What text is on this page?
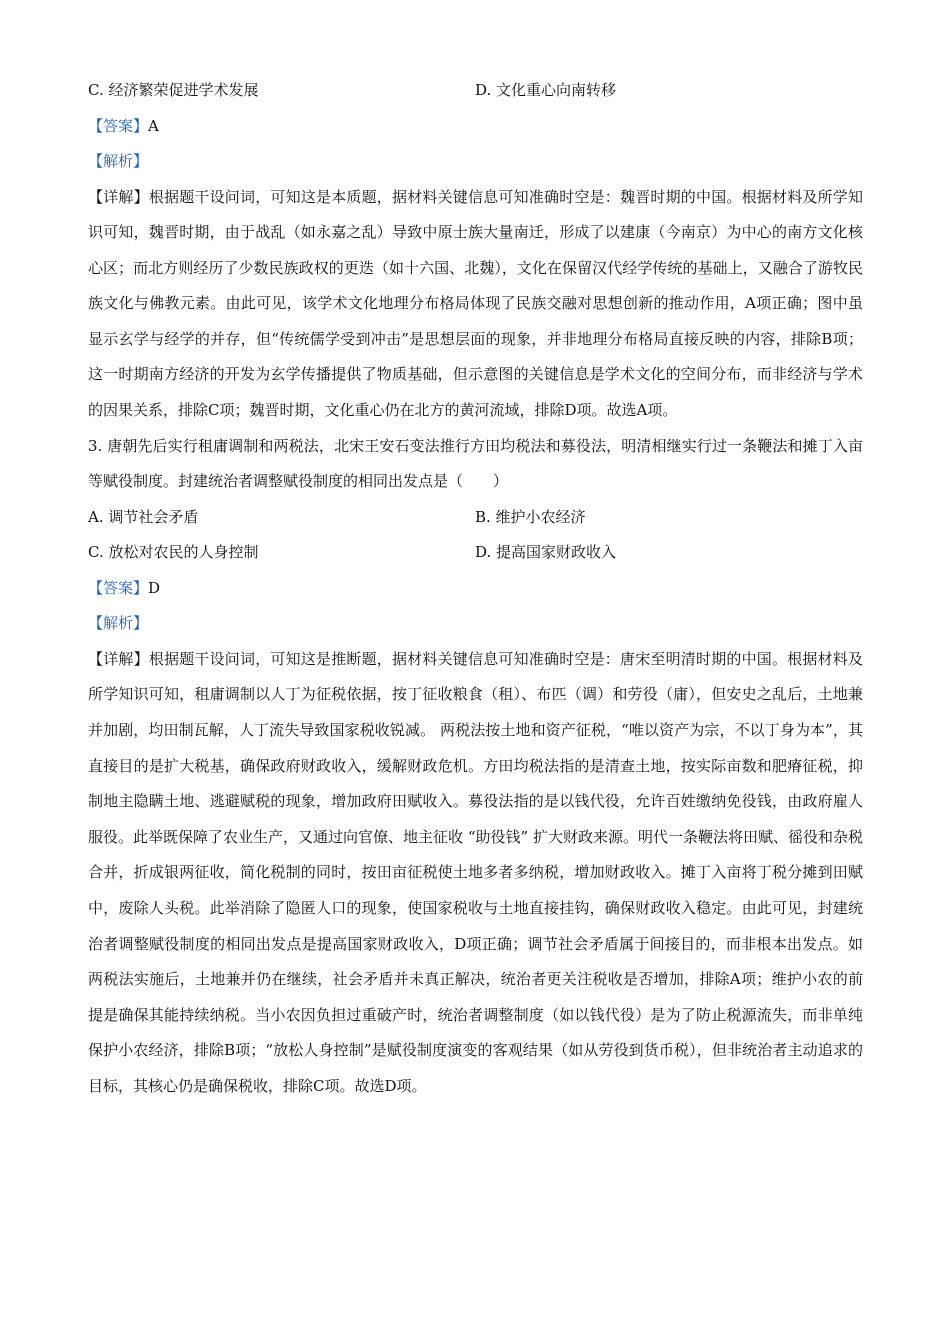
C. 经济繁荣促进学术发展	D. 文化重心向南转移
【答案】A
【解析】
【详解】根据题干设问词，可知这是本质题，据材料关键信息可知准确时空是：魏晋时期的中国。根据材料及所学知识可知，魏晋时期，由于战乱（如永嘉之乱）导致中原士族大量南迁，形成了以建康（今南京）为中心的南方文化核心区；而北方则经历了少数民族政权的更迭（如十六国、北魏），文化在保留汉代经学传统的基础上，又融合了游牧民族文化与佛教元素。由此可见，该学术文化地理分布格局体现了民族交融对思想创新的推动作用，A项正确；图中虽显示玄学与经学的并存，但“传统儒学受到冲击”是思想层面的现象，并非地理分布格局直接反映的内容，排除B项；这一时期南方经济的开发为玄学传播提供了物质基础，但示意图的关键信息是学术文化的空间分布，而非经济与学术的因果关系，排除C项；魏晋时期，文化重心仍在北方的黄河流域，排除D项。故选A项。
3. 唐朝先后实行租庸调制和两税法，北宋王安石变法推行方田均税法和募役法，明清相继实行过一条鞭法和摊丁入亩等赋役制度。封建统治者调整赋役制度的相同出发点是（　　）
A. 调节社会矛盾	B. 维护小农经济
C. 放松对农民的人身控制	D. 提高国家财政收入
【答案】D
【解析】
【详解】根据题干设问词，可知这是推断题，据材料关键信息可知准确时空是：唐宋至明清时期的中国。根据材料及所学知识可知，租庸调制以人丁为征税依据，按丁征收粮食（租）、布匹（调）和劳役（庸），但安史之乱后，土地兼并加剧，均田制瓦解，人丁流失导致国家税收锐减。 两税法按土地和资产征税，“唯以资产为宗，不以丁身为本”，其直接目的是扩大税基，确保政府财政收入，缓解财政危机。方田均税法指的是清查土地，按实际亩数和肥瘠征税，抑制地主隐瞒土地、逃避赋税的现象，增加政府田赋收入。募役法指的是以钱代役，允许百姓缴纳免役钱，由政府雇人服役。此举既保障了农业生产，又通过向官僚、地主征收 “助役钱” 扩大财政来源。明代一条鞭法将田赋、徭役和杂税合并，折成银两征收，简化税制的同时，按田亩征税使土地多者多纳税，增加财政收入。摊丁入亩将丁税分摊到田赋中，废除人头税。此举消除了隐匿人口的现象，使国家税收与土地直接挂钩，确保财政收入稳定。由此可见，封建统治者调整赋役制度的相同出发点是提高国家财政收入，D项正确；调节社会矛盾属于间接目的，而非根本出发点。如两税法实施后，土地兼并仍在继续，社会矛盾并未真正解决，统治者更关注税收是否增加，排除A项；维护小农的前提是确保其能持续纳税。当小农因负担过重破产时，统治者调整制度（如以钱代役）是为了防止税源流失，而非单纯保护小农经济，排除B项；“放松人身控制”是赋役制度演变的客观结果（如从劳役到货币税），但非统治者主动追求的目标，其核心仍是确保税收，排除C项。故选D项。
